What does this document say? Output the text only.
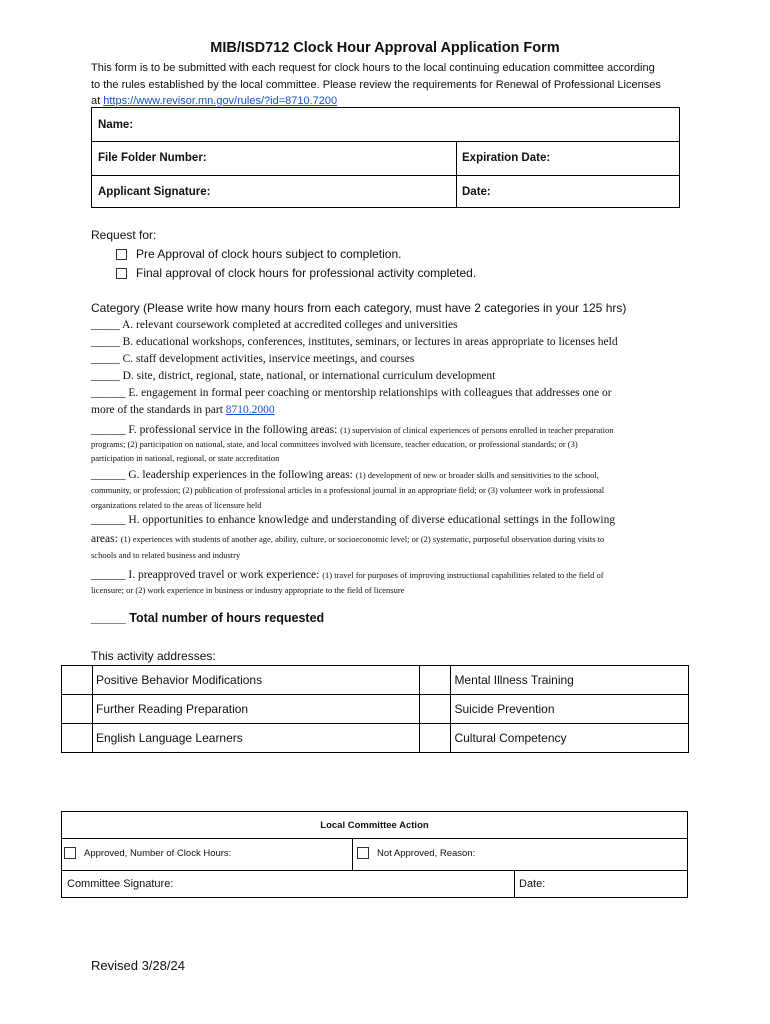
MIB/ISD712 Clock Hour Approval Application Form
This form is to be submitted with each request for clock hours to the local continuing education committee according
to the rules established by the local committee. Please review the requirements for Renewal of Professional Licenses
at https://www.revisor.mn.gov/rules/?id=8710.7200
Name:
File Folder Number:	Expiration Date:
Applicant Signature:	Date:
Request for:
Pre Approval of clock hours subject to completion.
Final approval of clock hours for professional activity completed.
Category (Please write how many hours from each category, must have 2 categories in your 125 hrs)
_____ A. relevant coursework completed at accredited colleges and universities
_____ B. educational workshops, conferences, institutes, seminars, or lectures in areas appropriate to licenses held
_____ C. staff development activities, inservice meetings, and courses
_____ D. site, district, regional, state, national, or international curriculum development
______ E. engagement in formal peer coaching or mentorship relationships with colleagues that addresses one or
more of the standards in part 8710.2000
______ F. professional service in the following areas: (1) supervision of clinical experiences of persons enrolled in teacher preparation
programs; (2) participation on national, state, and local committees involved with licensure, teacher education, or professional standards; or (3)
participation in national, regional, or state accreditation
______ G. leadership experiences in the following areas: (1) development of new or broader skills and sensitivities to the school,
community, or profession; (2) publication of professional articles in a professional journal in an appropriate field; or (3) volunteer work in professional
organizations related to the areas of licensure held
______ H. opportunities to enhance knowledge and understanding of diverse educational settings in the following
areas: (1) experiences with students of another age, ability, culture, or socioeconomic level; or (2) systematic, purposeful observation during visits to
schools and to related business and industry
______ I. preapproved travel or work experience: (1) travel for purposes of improving instructional capabilities related to the field of
licensure; or (2) work experience in business or industry appropriate to the field of licensure
_____ Total number of hours requested
This activity addresses:
	Positive Behavior Modifications		Mental Illness Training
	Further Reading Preparation		Suicide Prevention
	English Language Learners		Cultural Competency
Local Committee Action
Approved, Number of Clock Hours:	Not Approved, Reason:
Committee Signature:	Date:
Revised 3/28/24
